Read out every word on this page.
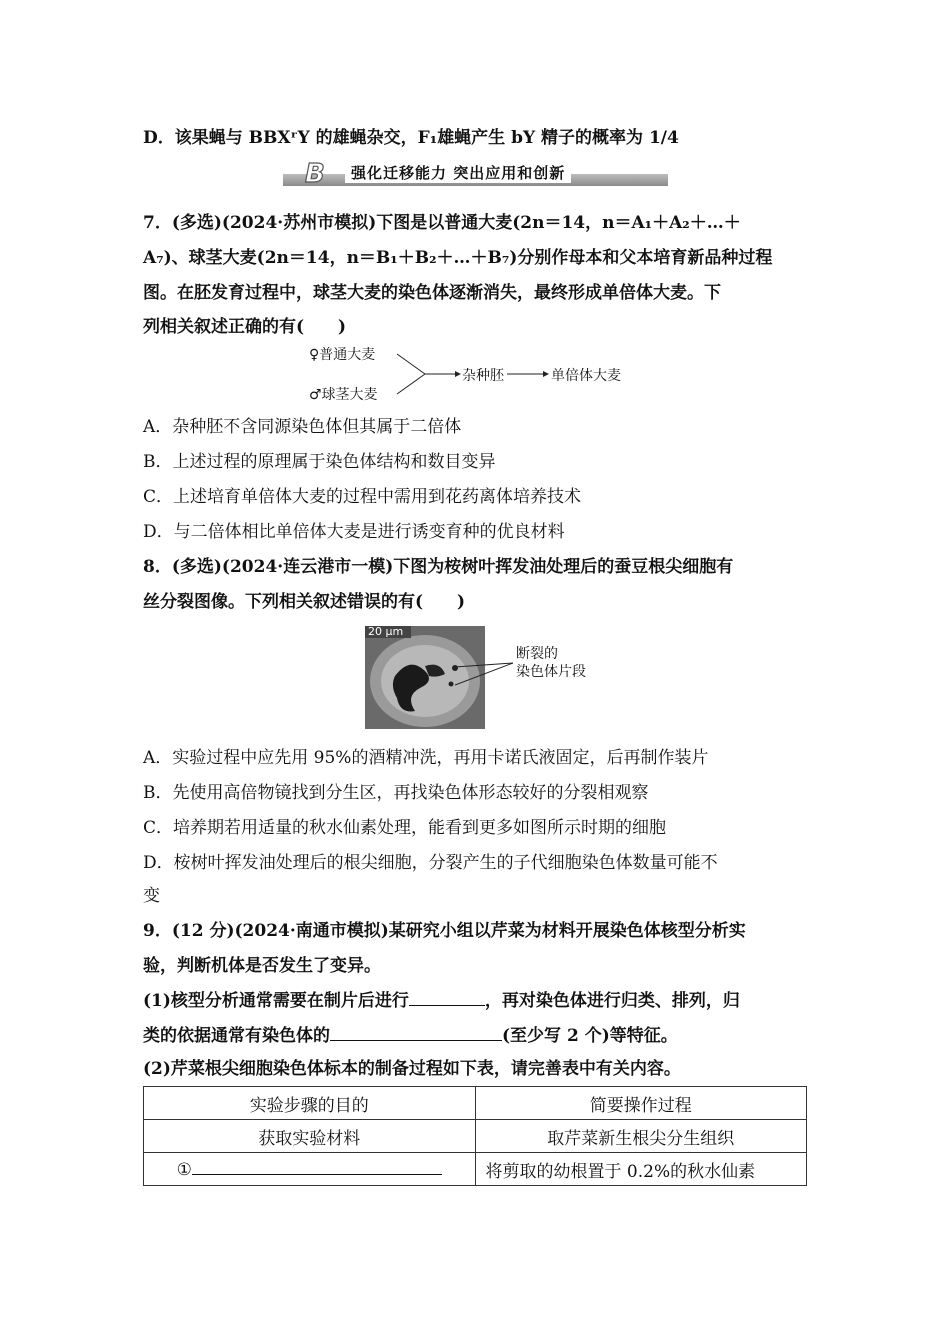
D．该果蝇与 BBXʳY 的雄蝇杂交，F₁雄蝇产生 bY 精子的概率为 1/4
B	强化迁移能力 突出应用和创新
7．(多选)(2024·苏州市模拟)下图是以普通大麦(2n＝14，n＝A₁＋A₂＋…＋
A₇)、球茎大麦(2n＝14，n＝B₁＋B₂＋…＋B₇)分别作母本和父本培育新品种过程
图。在胚发育过程中，球茎大麦的染色体逐渐消失，最终形成单倍体大麦。下
列相关叙述正确的有(　　)
♀普通大麦
♂球茎大麦
杂种胚	单倍体大麦
A．杂种胚不含同源染色体但其属于二倍体
B．上述过程的原理属于染色体结构和数目变异
C．上述培育单倍体大麦的过程中需用到花药离体培养技术
D．与二倍体相比单倍体大麦是进行诱变育种的优良材料
8．(多选)(2024·连云港市一模)下图为桉树叶挥发油处理后的蚕豆根尖细胞有
丝分裂图像。下列相关叙述错误的有(　　)
20 μm
断裂的
染色体片段
A．实验过程中应先用 95%的酒精冲洗，再用卡诺氏液固定，后再制作装片
B．先使用高倍物镜找到分生区，再找染色体形态较好的分裂相观察
C．培养期若用适量的秋水仙素处理，能看到更多如图所示时期的细胞
D．桉树叶挥发油处理后的根尖细胞，分裂产生的子代细胞染色体数量可能不
变
9．(12 分)(2024·南通市模拟)某研究小组以芹菜为材料开展染色体核型分析实
验，判断机体是否发生了变异。
(1)核型分析通常需要在制片后进行	，再对染色体进行归类、排列，归
类的依据通常有染色体的	(至少写 2 个)等特征。
(2)芹菜根尖细胞染色体标本的制备过程如下表，请完善表中有关内容。
实验步骤的目的	简要操作过程
获取实验材料	取芹菜新生根尖分生组织
①	将剪取的幼根置于 0.2%的秋水仙素
